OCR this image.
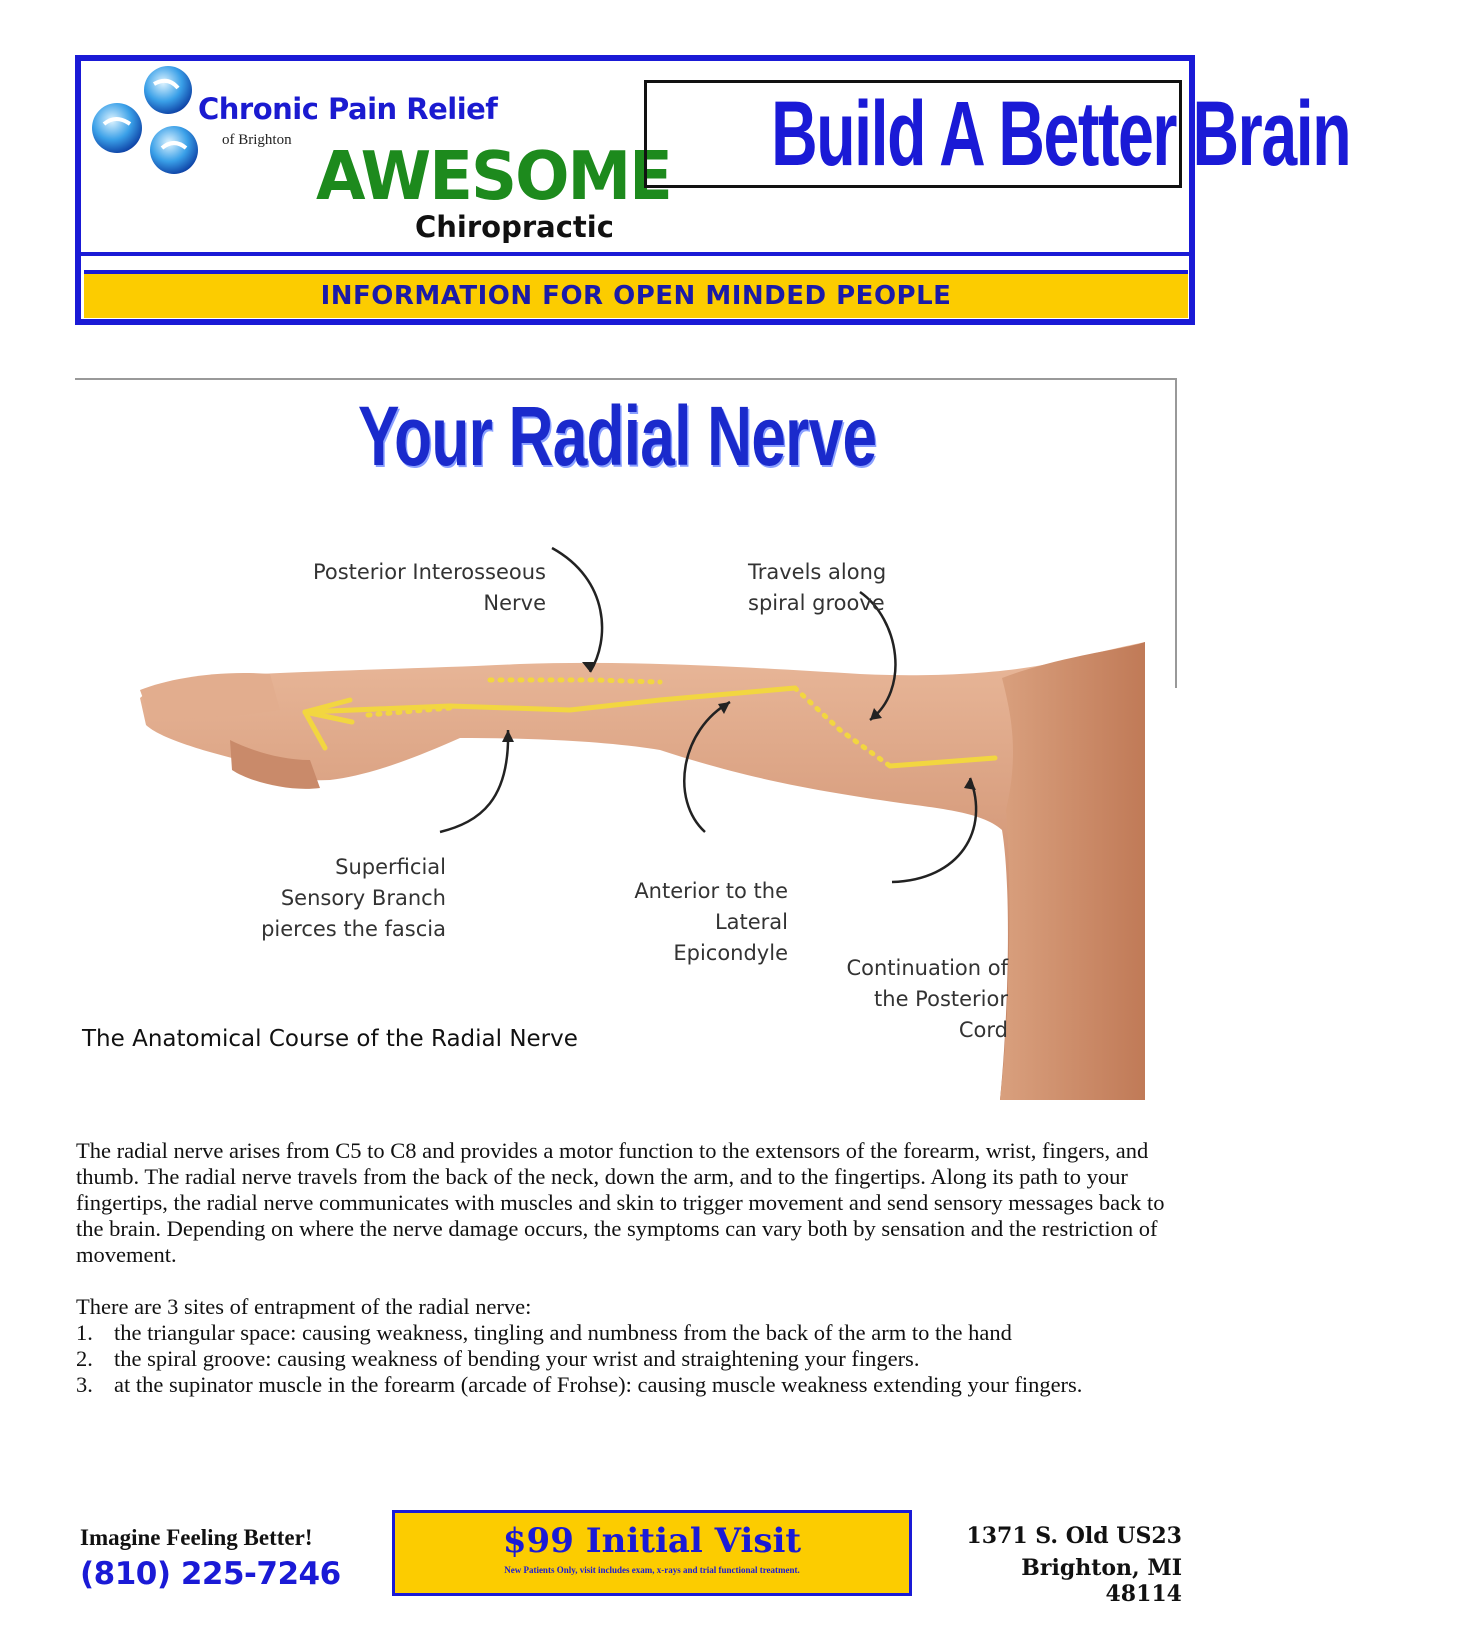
Chronic Pain Relief
of Brighton AWESOME
Chiropractic
Build A Better Brain
INFORMATION FOR OPEN MINDED PEOPLE
Your Radial Nerve
Posterior Interosseous
Nerve
Travels along
spiral groove
Superficial
Sensory Branch
pierces the fascia
Anterior to the
Lateral
Epicondyle
Continuation of
the Posterior
Cord
The Anatomical Course of the Radial Nerve

The radial nerve arises from C5 to C8 and provides a motor function to the extensors of the forearm, wrist, fingers, and thumb. The radial nerve travels from the back of the neck, down the arm, and to the fingertips. Along its path to your fingertips, the radial nerve communicates with muscles and skin to trigger movement and send sensory messages back to the brain. Depending on where the nerve damage occurs, the symptoms can vary both by sensation and the restriction of movement.

There are 3 sites of entrapment of the radial nerve:

1. the triangular space: causing weakness, tingling and numbness from the back of the arm to the hand
2. the spiral groove: causing weakness of bending your wrist and straightening your fingers.
3. at the supinator muscle in the forearm (arcade of Frohse): causing muscle weakness extending your fingers.
Imagine Feeling Better!
(810) 225-7246
$99 Initial Visit
New Patients Only, visit includes exam, x-rays and trial functional treatment.
1371 S. Old US23
Brighton, MI 48114
